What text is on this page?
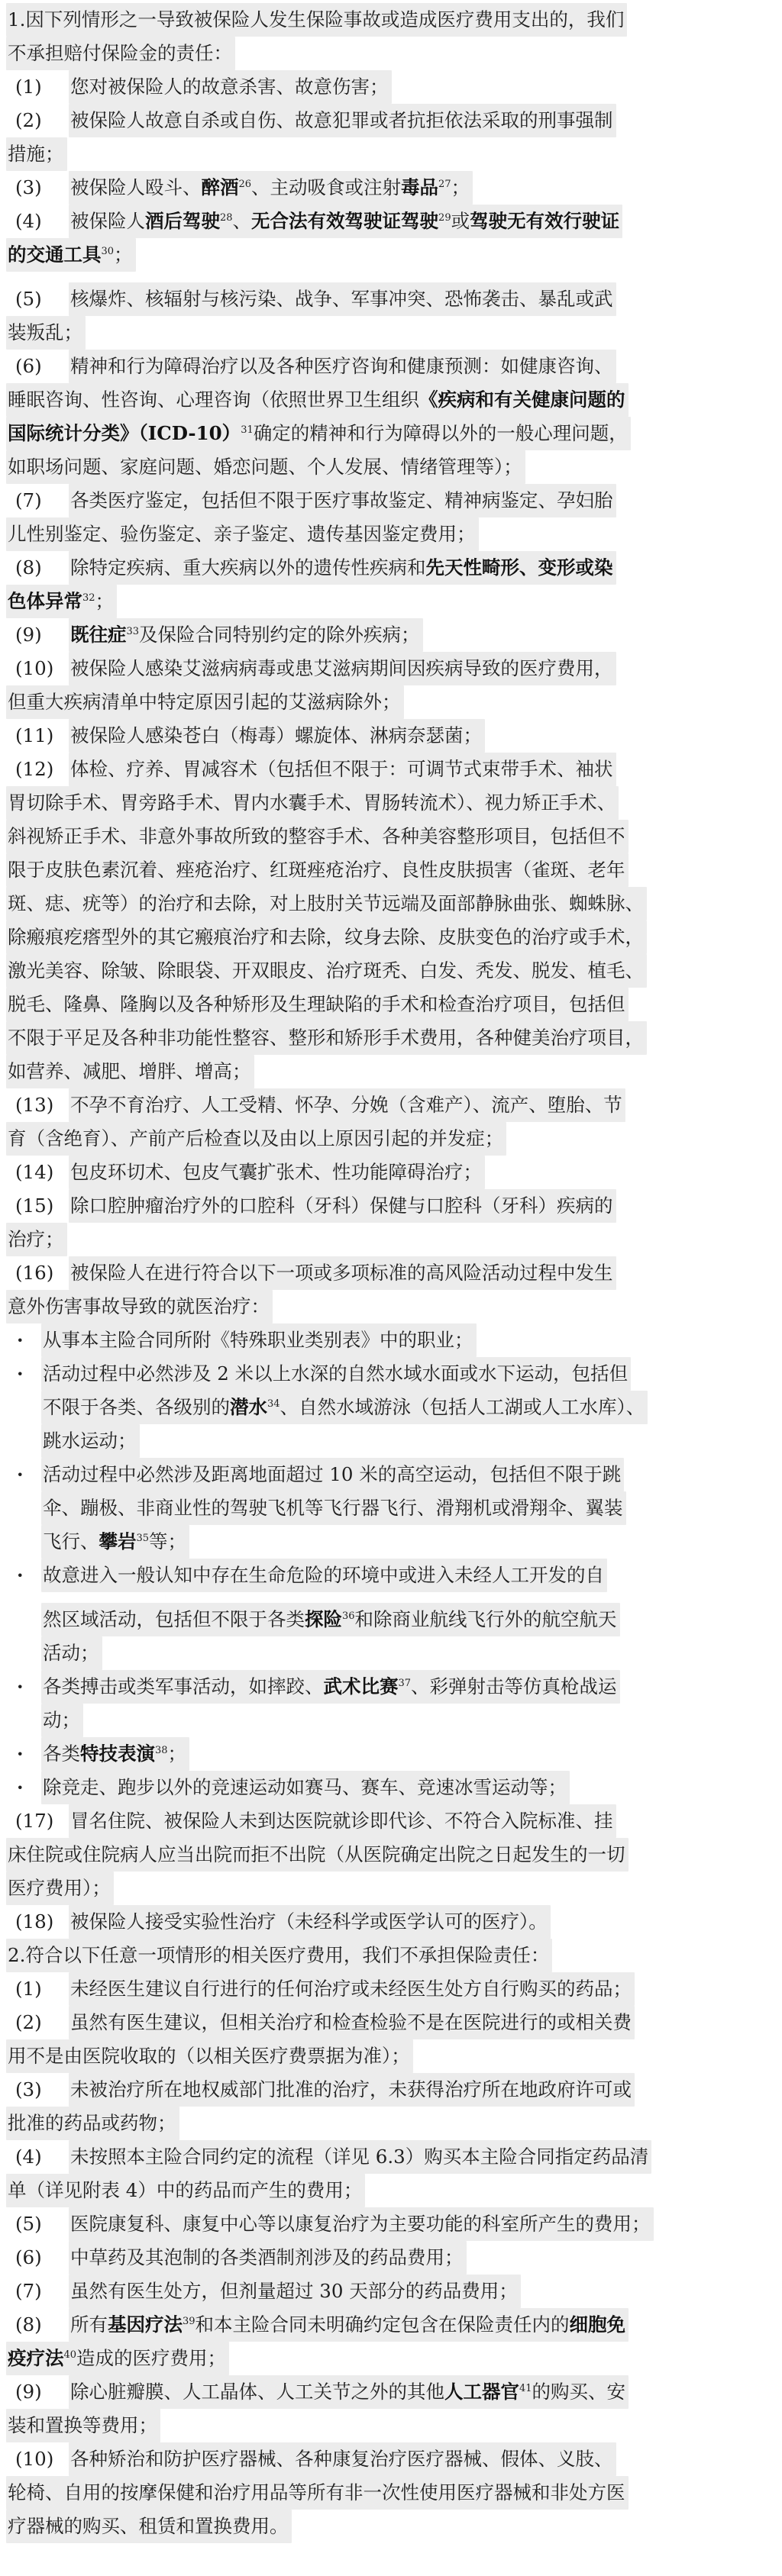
1.因下列情形之一导致被保险人发生保险事故或造成医疗费用支出的，我们
不承担赔付保险金的责任：
(1)	您对被保险人的故意杀害、故意伤害；
(2)	被保险人故意自杀或自伤、故意犯罪或者抗拒依法采取的刑事强制
措施；
(3)	被保险人殴斗、醉酒$^{26}$、主动吸食或注射毒品$^{27}$；
(4)	被保险人酒后驾驶$^{28}$、无合法有效驾驶证驾驶$^{29}$或驾驶无有效行驶证
的交通工具$^{30}$；
(5)	核爆炸、核辐射与核污染、战争、军事冲突、恐怖袭击、暴乱或武
装叛乱；
(6)	精神和行为障碍治疗以及各种医疗咨询和健康预测：如健康咨询、
睡眠咨询、性咨询、心理咨询（依照世界卫生组织《疾病和有关健康问题的
国际统计分类》$(ICD-10)^{31}$确定的精神和行为障碍以外的一般心理问题，
如职场问题、家庭问题、婚恋问题、个人发展、情绪管理等）；
(7)	各类医疗鉴定，包括但不限于医疗事故鉴定、精神病鉴定、孕妇胎
儿性别鉴定、验伤鉴定、亲子鉴定、遗传基因鉴定费用；
(8)	除特定疾病、重大疾病以外的遗传性疾病和先天性畸形、变形或染
色体异常$^{32}$；
(9)	既往症$^{33}$及保险合同特别约定的除外疾病；
(10) 被保险人感染艾滋病病毒或患艾滋病期间因疾病导致的医疗费用，
但重大疾病清单中特定原因引起的艾滋病除外；
(11) 被保险人感染苍白（梅毒）螺旋体、淋病奈瑟菌；
(12) 体检、疗养、胃减容术（包括但不限于：可调节式束带手术、袖状
胃切除手术、胃旁路手术、胃内水囊手术、胃肠转流术）、视力矫正手术、
斜视矫正手术、非意外事故所致的整容手术、各种美容整形项目，包括但不
限于皮肤色素沉着、痤疮治疗、红斑痤疮治疗、良性皮肤损害（雀斑、老年
斑、痣、疣等）的治疗和去除，对上肢肘关节远端及面部静脉曲张、蜘蛛脉、
除瘢痕疙瘩型外的其它瘢痕治疗和去除，纹身去除、皮肤变色的治疗或手术，
激光美容、除皱、除眼袋、开双眼皮、治疗斑秃、白发、秃发、脱发、植毛、
脱毛、隆鼻、隆胸以及各种矫形及生理缺陷的手术和检查治疗项目，包括但
不限于平足及各种非功能性整容、整形和矫形手术费用，各种健美治疗项目，
如营养、减肥、增胖、增高；
(13) 不孕不育治疗、人工受精、怀孕、分娩（含难产）、流产、堕胎、节
育（含绝育）、产前产后检查以及由以上原因引起的并发症；
(14) 包皮环切术、包皮气囊扩张术、性功能障碍治疗；
(15) 除口腔肿瘤治疗外的口腔科（牙科）保健与口腔科（牙科）疾病的
治疗；
(16) 被保险人在进行符合以下一项或多项标准的高风险活动过程中发生
意外伤害事故导致的就医治疗：
·	从事本主险合同所附《特殊职业类别表》中的职业；
·	活动过程中必然涉及 2 米以上水深的自然水域水面或水下运动，包括但
不限于各类、各级别的潜水$^{34}$、自然水域游泳（包括人工湖或人工水库）、
跳水运动；
·	活动过程中必然涉及距离地面超过 10 米的高空运动，包括但不限于跳
伞、蹦极、非商业性的驾驶飞机等飞行器飞行、滑翔机或滑翔伞、翼装
飞行、攀岩$^{35}$等；
·	故意进入一般认知中存在生命危险的环境中或进入未经人工开发的自
然区域活动，包括但不限于各类探险$^{36}$和除商业航线飞行外的航空航天
活动；
·	各类搏击或类军事活动，如摔跤、武术比赛$^{37}$、彩弹射击等仿真枪战运
动；
·	各类特技表演$^{38}$；
·	除竞走、跑步以外的竞速运动如赛马、赛车、竞速冰雪运动等；
(17) 冒名住院、被保险人未到达医院就诊即代诊、不符合入院标准、挂
床住院或住院病人应当出院而拒不出院（从医院确定出院之日起发生的一切
医疗费用）；
(18) 被保险人接受实验性治疗（未经科学或医学认可的医疗）。
2.符合以下任意一项情形的相关医疗费用，我们不承担保险责任：
(1)	未经医生建议自行进行的任何治疗或未经医生处方自行购买的药品；
(2)	虽然有医生建议，但相关治疗和检查检验不是在医院进行的或相关费
用不是由医院收取的（以相关医疗费票据为准）；
(3)	未被治疗所在地权威部门批准的治疗，未获得治疗所在地政府许可或
批准的药品或药物；
(4)	未按照本主险合同约定的流程（详见 6.3）购买本主险合同指定药品清
单（详见附表 4）中的药品而产生的费用；
(5)	医院康复科、康复中心等以康复治疗为主要功能的科室所产生的费用；
(6)	中草药及其泡制的各类酒制剂涉及的药品费用；
(7)	虽然有医生处方，但剂量超过 30 天部分的药品费用；
(8)	所有基因疗法$^{39}$和本主险合同未明确约定包含在保险责任内的细胞免
疫疗法$^{40}$造成的医疗费用；
(9)	除心脏瓣膜、人工晶体、人工关节之外的其他人工器官$^{41}$的购买、安
装和置换等费用；
(10) 各种矫治和防护医疗器械、各种康复治疗医疗器械、假体、义肢、
轮椅、自用的按摩保健和治疗用品等所有非一次性使用医疗器械和非处方医
疗器械的购买、租赁和置换费用。
